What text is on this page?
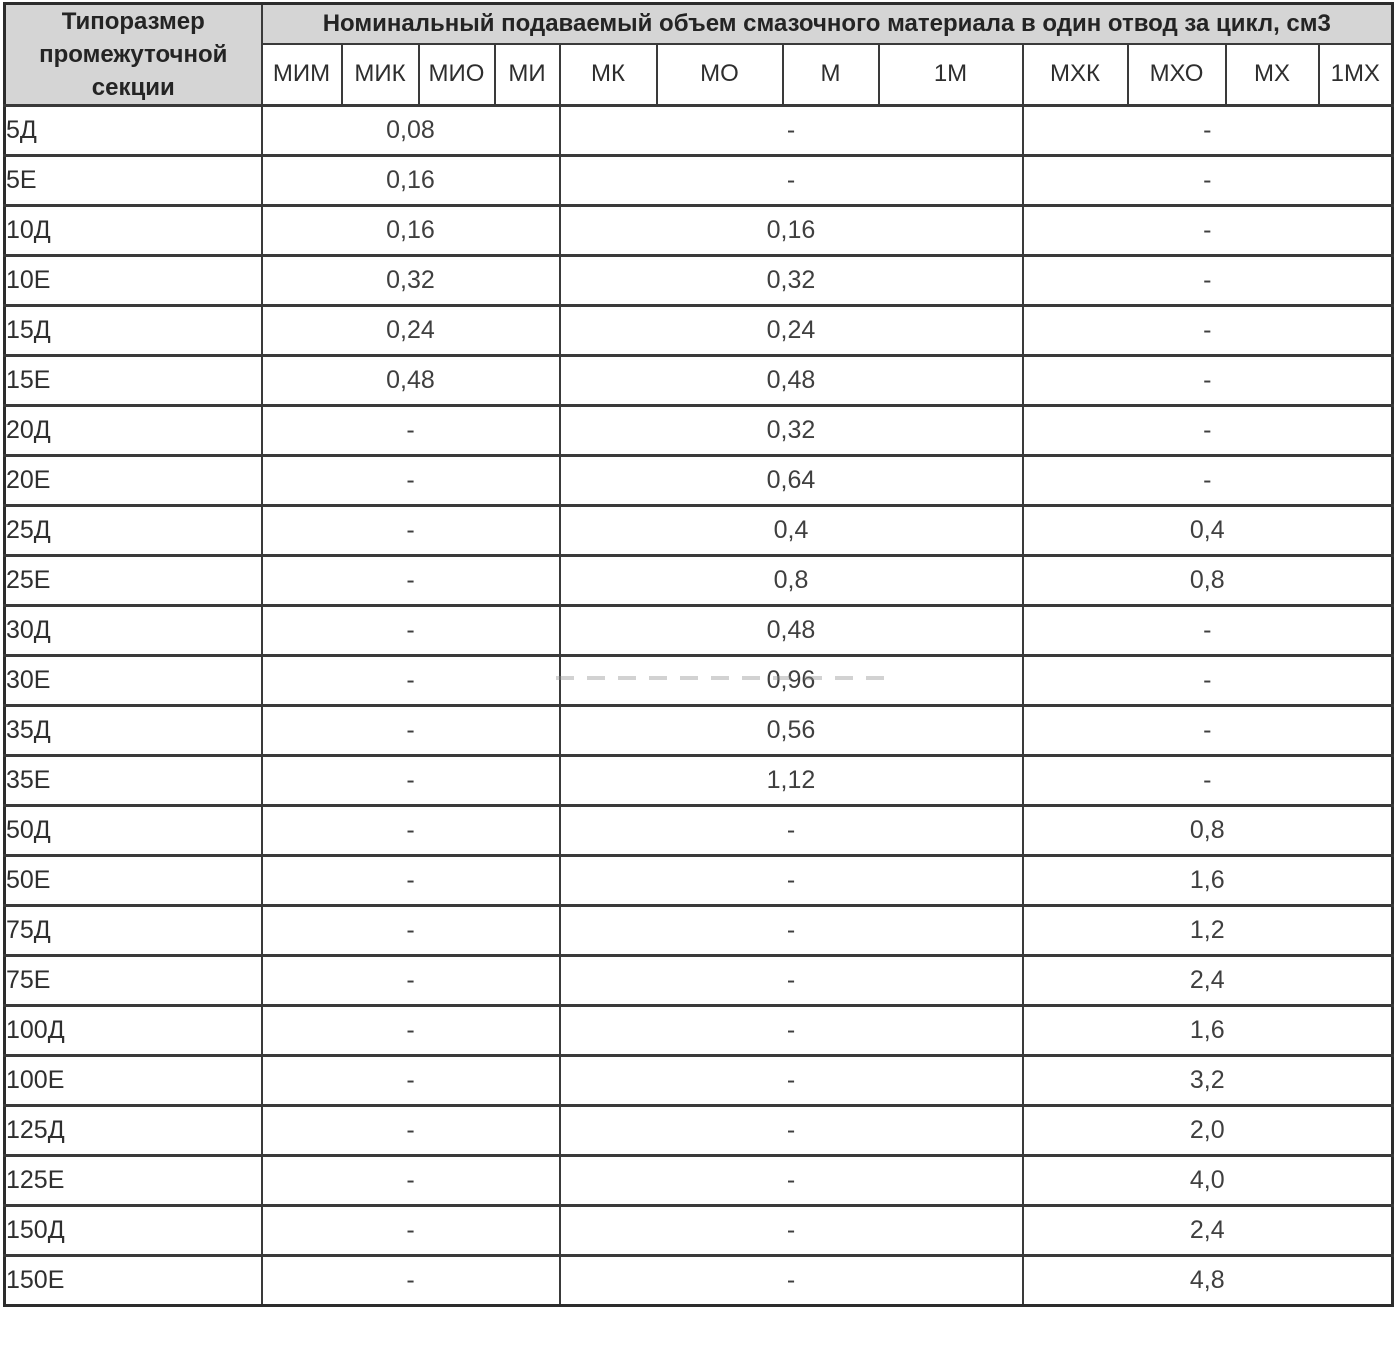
Типоразмер промежуточной секции	Номинальный подаваемый объем смазочного материала в один отвод за цикл, см3											
	МИМ	МИК	МИО	МИ	МК	МО	М	1М	МХК	МХО	МХ	1МХ
5Д	0,08				-				-			
5Е	0,16				-				-			
10Д	0,16				0,16				-			
10Е	0,32				0,32				-			
15Д	0,24				0,24				-			
15Е	0,48				0,48				-			
20Д	-				0,32				-			
20Е	-				0,64				-			
25Д	-				0,4				0,4			
25Е	-				0,8				0,8			
30Д	-				0,48				-			
30Е	-				0,96				-			
35Д	-				0,56				-			
35Е	-				1,12				-			
50Д	-				-				0,8			
50Е	-				-				1,6			
75Д	-				-				1,2			
75Е	-				-				2,4			
100Д	-				-				1,6			
100Е	-				-				3,2			
125Д	-				-				2,0			
125Е	-				-				4,0			
150Д	-				-				2,4			
150Е	-				-				4,8			
